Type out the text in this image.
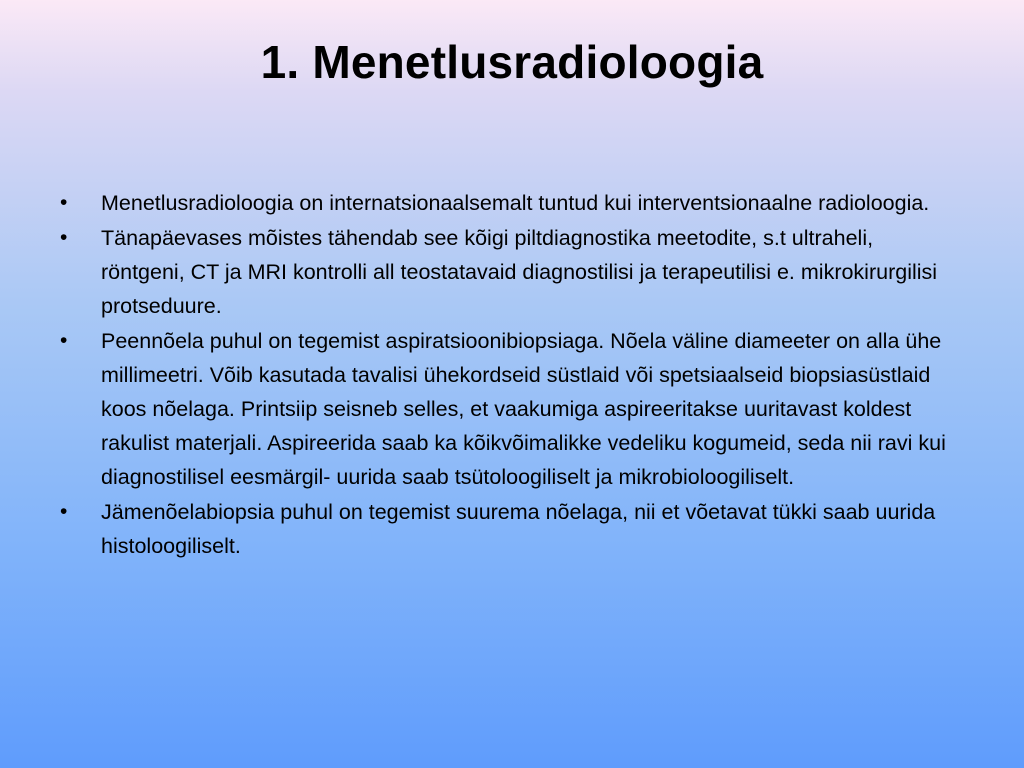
1. Menetlusradioloogia
• Menetlusradioloogia on internatsionaalsemalt tuntud kui interventsionaalne radioloogia.
• Tänapäevases mõistes tähendab see kõigi piltdiagnostika meetodite, s.t ultraheli, röntgeni, CT ja MRI kontrolli all teostatavaid diagnostilisi ja terapeutilisi e. mikrokirurgilisi protseduure.
• Peennõela puhul on tegemist aspiratsioonibiopsiaga. Nõela väline diameeter on alla ühe millimeetri. Võib kasutada tavalisi ühekordseid süstlaid või spetsiaalseid biopsiasüstlaid koos nõelaga. Printsiip seisneb selles, et vaakumiga aspireeritakse uuritavast koldest rakulist materjali. Aspireerida saab ka kõikvõimalikke vedeliku kogumeid, seda nii ravi kui diagnostilisel eesmärgil- uurida saab tsütoloogiliselt ja mikrobioloogiliselt.
• Jämenõelabiopsia puhul on tegemist suurema nõelaga, nii et võetavat tükki saab uurida histoloogiliselt.
